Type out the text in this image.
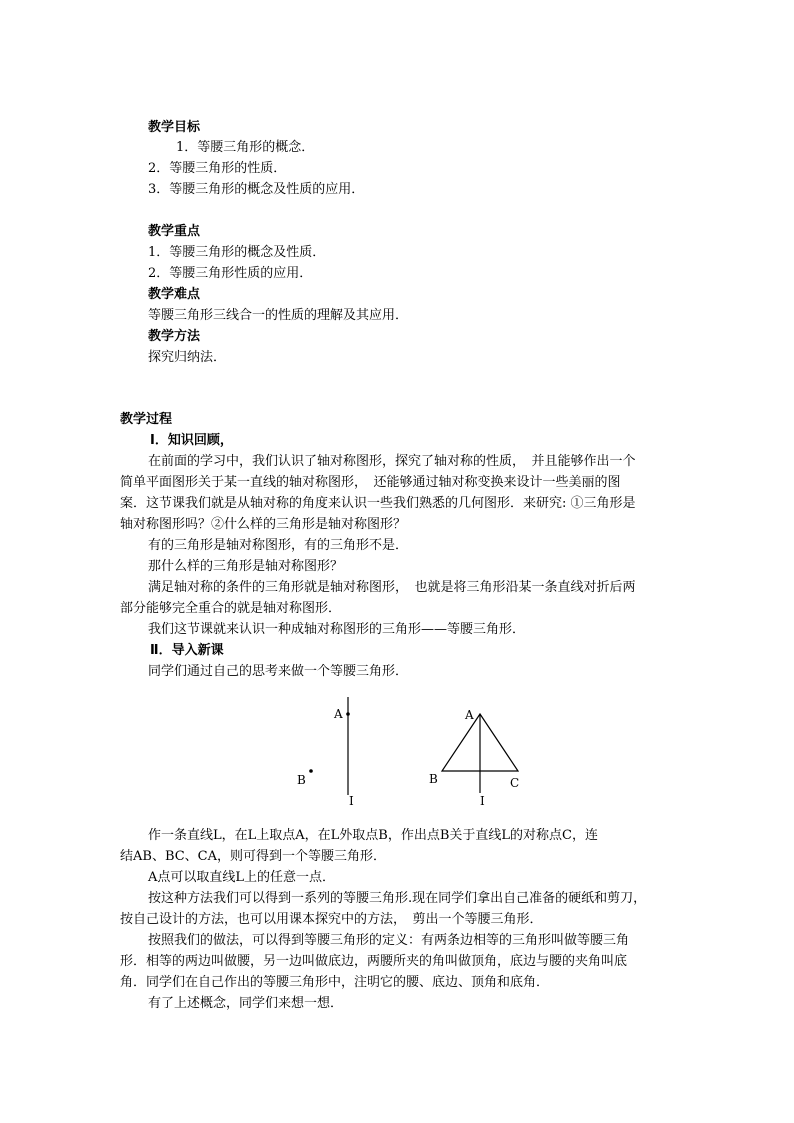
教学目标
1．等腰三角形的概念．
2．等腰三角形的性质．
3．等腰三角形的概念及性质的应用．
教学重点
1．等腰三角形的概念及性质．
2．等腰三角形性质的应用．
教学难点
等腰三角形三线合一的性质的理解及其应用．
教学方法
探究归纳法．
教学过程
Ⅰ．知识回顾，
在前面的学习中，我们认识了轴对称图形，探究了轴对称的性质，　并且能够作出一个
简单平面图形关于某一直线的轴对称图形，　还能够通过轴对称变换来设计一些美丽的图
案．这节课我们就是从轴对称的角度来认识一些我们熟悉的几何图形．来研究: ①三角形是
轴对称图形吗？②什么样的三角形是轴对称图形？
有的三角形是轴对称图形，有的三角形不是．
那什么样的三角形是轴对称图形？
满足轴对称的条件的三角形就是轴对称图形，　也就是将三角形沿某一条直线对折后两
部分能够完全重合的就是轴对称图形．
我们这节课就来认识一种成轴对称图形的三角形——等腰三角形．
Ⅱ．导入新课
同学们通过自己的思考来做一个等腰三角形．
A
B
I
A
B	C
I
作一条直线L，在L上取点A，在L外取点B，作出点B关于直线L的对称点C，连
结AB、BC、CA，则可得到一个等腰三角形．
A点可以取直线L上的任意一点．
按这种方法我们可以得到一系列的等腰三角形.现在同学们拿出自己准备的硬纸和剪刀，
按自己设计的方法，也可以用课本探究中的方法，　剪出一个等腰三角形．
按照我们的做法，可以得到等腰三角形的定义：有两条边相等的三角形叫做等腰三角
形．相等的两边叫做腰，另一边叫做底边，两腰所夹的角叫做顶角，底边与腰的夹角叫底
角．同学们在自己作出的等腰三角形中，注明它的腰、底边、顶角和底角．
有了上述概念，同学们来想一想．
